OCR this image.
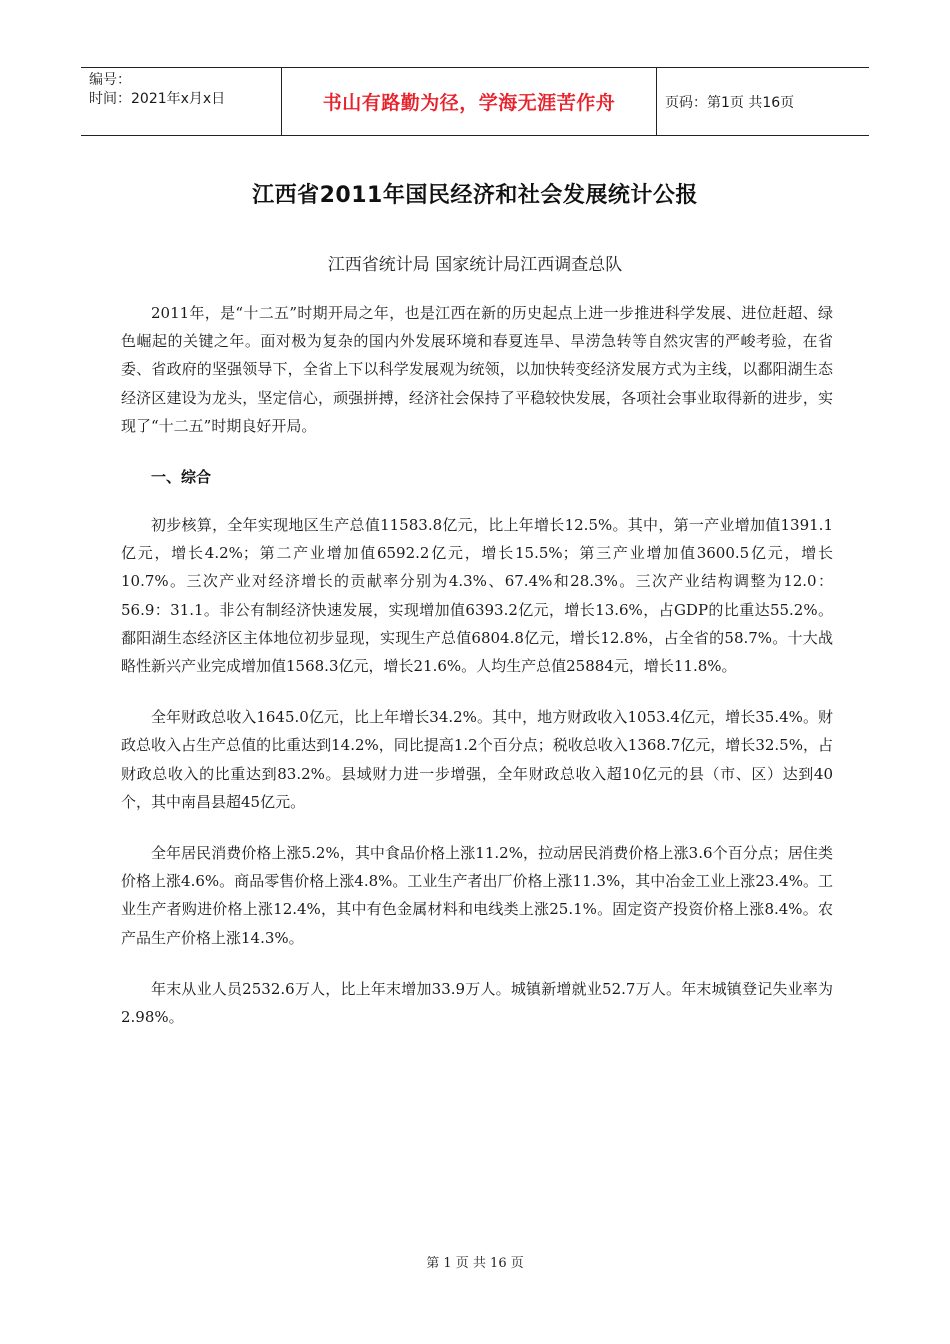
编号：
时间：2021年x月x日	书山有路勤为径，学海无涯苦作舟	页码：第1页 共16页
江西省2011年国民经济和社会发展统计公报
江西省统计局 国家统计局江西调查总队

2011年，是“十二五”时期开局之年，也是江西在新的历史起点上进一步推进科学发展、进位赶超、绿色崛起的关键之年。面对极为复杂的国内外发展环境和春夏连旱、旱涝急转等自然灾害的严峻考验，在省委、省政府的坚强领导下，全省上下以科学发展观为统领，以加快转变经济发展方式为主线，以鄱阳湖生态经济区建设为龙头，坚定信心，顽强拼搏，经济社会保持了平稳较快发展，各项社会事业取得新的进步，实现了“十二五”时期良好开局。

一、综合

初步核算，全年实现地区生产总值11583.8亿元，比上年增长12.5%。其中，第一产业增加值1391.1亿元，增长4.2%；第二产业增加值6592.2亿元，增长15.5%；第三产业增加值3600.5亿元，增长10.7%。三次产业对经济增长的贡献率分别为4.3%、67.4%和28.3%。三次产业结构调整为12.0：56.9：31.1。非公有制经济快速发展，实现增加值6393.2亿元，增长13.6%，占GDP的比重达55.2%。鄱阳湖生态经济区主体地位初步显现，实现生产总值6804.8亿元，增长12.8%，占全省的58.7%。十大战略性新兴产业完成增加值1568.3亿元，增长21.6%。人均生产总值25884元，增长11.8%。

全年财政总收入1645.0亿元，比上年增长34.2%。其中，地方财政收入1053.4亿元，增长35.4%。财政总收入占生产总值的比重达到14.2%，同比提高1.2个百分点；税收总收入1368.7亿元，增长32.5%，占财政总收入的比重达到83.2%。县域财力进一步增强，全年财政总收入超10亿元的县（市、区）达到40个，其中南昌县超45亿元。

全年居民消费价格上涨5.2%，其中食品价格上涨11.2%，拉动居民消费价格上涨3.6个百分点；居住类价格上涨4.6%。商品零售价格上涨4.8%。工业生产者出厂价格上涨11.3%，其中冶金工业上涨23.4%。工业生产者购进价格上涨12.4%，其中有色金属材料和电线类上涨25.1%。固定资产投资价格上涨8.4%。农产品生产价格上涨14.3%。

年末从业人员2532.6万人，比上年末增加33.9万人。城镇新增就业52.7万人。年末城镇登记失业率为2.98%。

第 1 页 共 16 页
